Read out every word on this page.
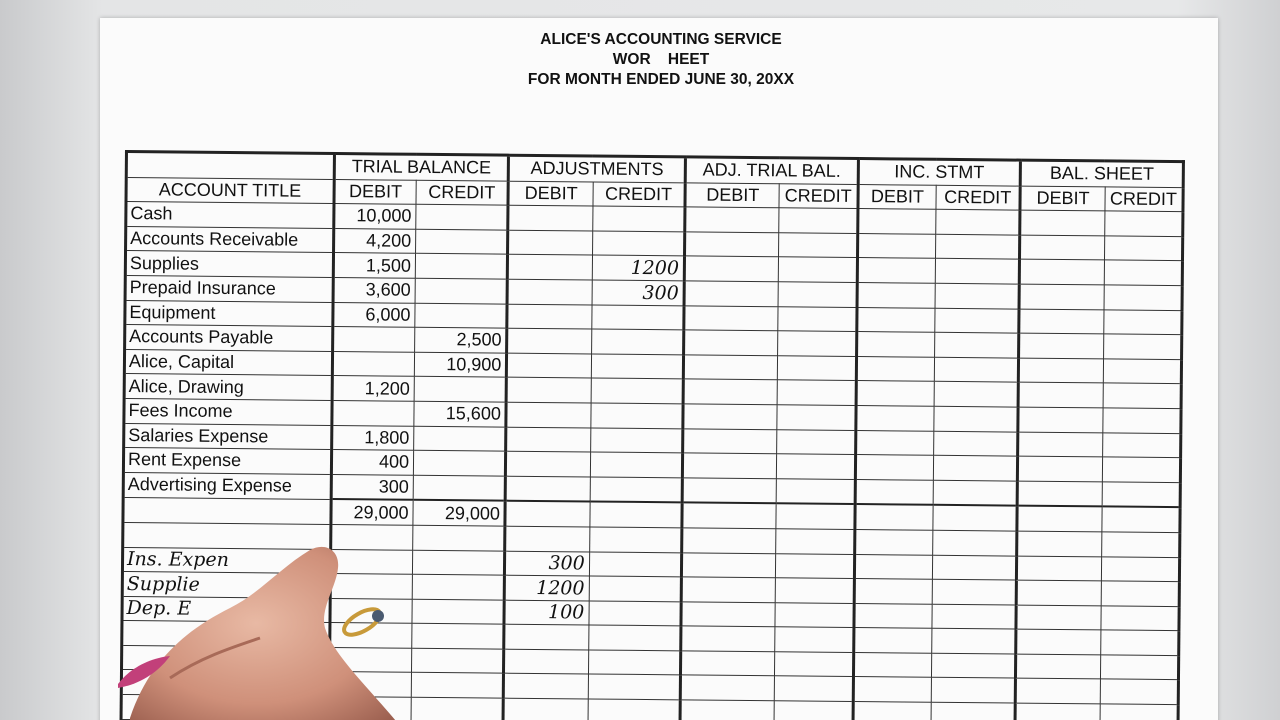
ALICE'S ACCOUNTING SERVICE
WOR    HEET
FOR MONTH ENDED JUNE 30, 20XX
	TRIAL BALANCE		ADJUSTMENTS		ADJ. TRIAL BAL.		INC. STMT		BAL. SHEET	
ACCOUNT TITLE	DEBIT	CREDIT	DEBIT	CREDIT	DEBIT	CREDIT	DEBIT	CREDIT	DEBIT	CREDIT
Cash	10,000									
Accounts Receivable	4,200									
Supplies	1,500			1200						
Prepaid Insurance	3,600			300						
Equipment	6,000									
Accounts Payable		2,500								
Alice, Capital		10,900								
Alice, Drawing	1,200									
Fees Income		15,600								
Salaries Expense	1,800									
Rent Expense	400									
Advertising Expense	300									
	29,000	29,000								

Ins. Expen			300							
Supplie			1200							
Dep. E			100							
